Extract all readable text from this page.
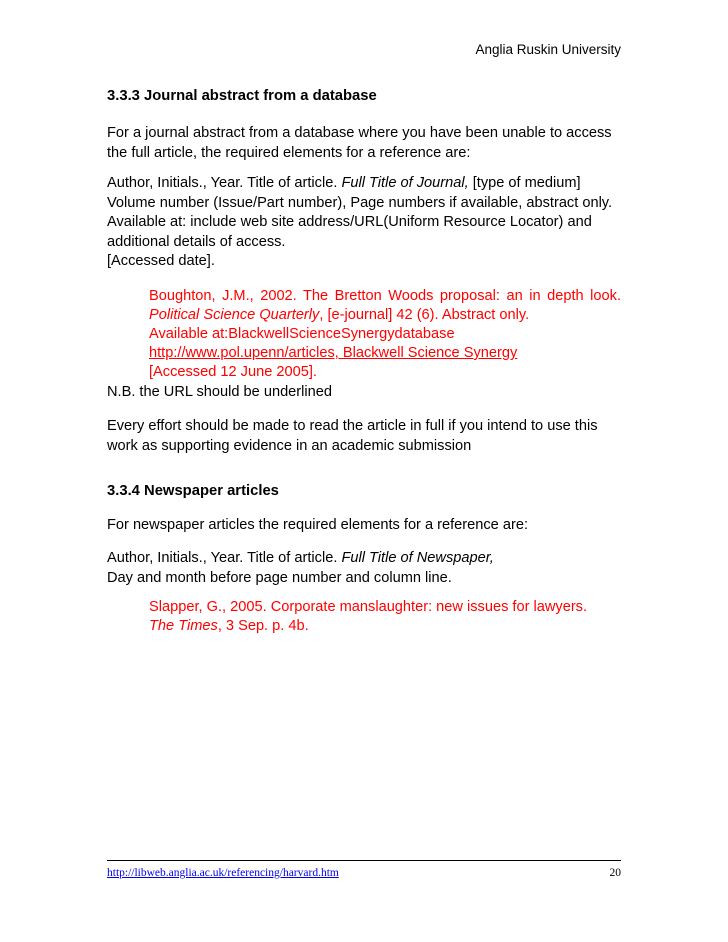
Anglia Ruskin University
3.3.3 Journal abstract from a database
For a journal abstract from a database where you have been unable to access
the full article, the required elements for a reference are:
Author, Initials., Year. Title of article. Full Title of Journal, [type of medium]
Volume number (Issue/Part number), Page numbers if available, abstract only.
Available at: include web site address/URL(Uniform Resource Locator) and
additional details of access.
[Accessed date].
Boughton, J.M., 2002. The Bretton Woods proposal: an in depth look.
Political Science Quarterly, [e-journal] 42 (6). Abstract only.
Available at:BlackwellScienceSynergydatabase
http://www.pol.upenn/articles, Blackwell Science Synergy
[Accessed 12 June 2005].
N.B. the URL should be underlined
Every effort should be made to read the article in full if you intend to use this
work as supporting evidence in an academic submission
3.3.4 Newspaper articles
For newspaper articles the required elements for a reference are:
Author, Initials., Year. Title of article. Full Title of Newspaper,
Day and month before page number and column line.
Slapper, G., 2005. Corporate manslaughter: new issues for lawyers.
The Times, 3 Sep. p. 4b.
http://libweb.anglia.ac.uk/referencing/harvard.htm	20
